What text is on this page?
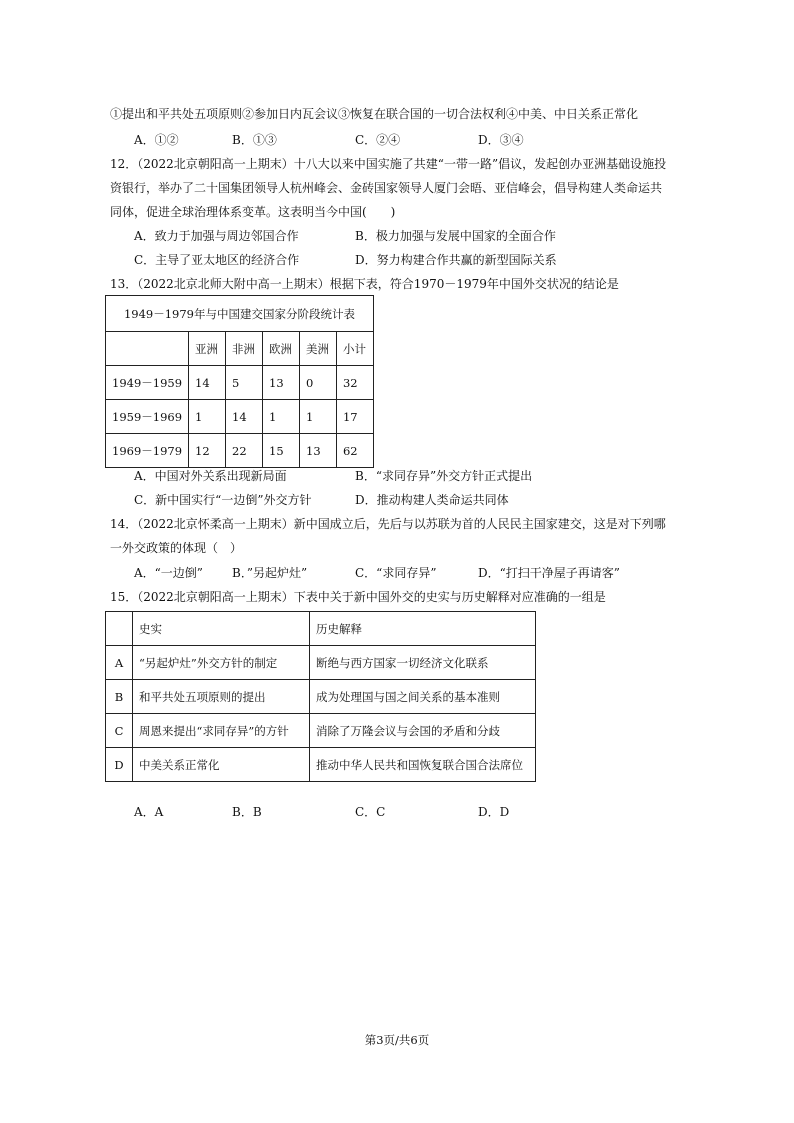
①提出和平共处五项原则②参加日内瓦会议③恢复在联合国的一切合法权利④中美、中日关系正常化
A．①②	B．①③	C．②④	D．③④
12．（2022北京朝阳高一上期末）十八大以来中国实施了共建“一带一路”倡议，发起创办亚洲基础设施投
资银行，举办了二十国集团领导人杭州峰会、金砖国家领导人厦门会晤、亚信峰会，倡导构建人类命运共
同体，促进全球治理体系变革。这表明当今中国(　　)
A．致力于加强与周边邻国合作	B．极力加强与发展中国家的全面合作
C．主导了亚太地区的经济合作	D．努力构建合作共赢的新型国际关系
13．（2022北京北师大附中高一上期末）根据下表，符合1970－1979年中国外交状况的结论是
1949－1979年与中国建交国家分阶段统计表					
	亚洲	非洲	欧洲	美洲	小计
1949－1959	14	5	13	0	32
1959－1969	1	14	1	1	17
1969－1979	12	22	15	13	62
A．中国对外关系出现新局面	B．“求同存异”外交方针正式提出
C．新中国实行“一边倒”外交方针	D．推动构建人类命运共同体
14．（2022北京怀柔高一上期末）新中国成立后，先后与以苏联为首的人民民主国家建交，这是对下列哪
一外交政策的体现（　）
A．“一边倒” B．”另起炉灶”	C．“求同存异”	D．“打扫干净屋子再请客”
15．（2022北京朝阳高一上期末）下表中关于新中国外交的史实与历史解释对应准确的一组是
	史实	历史解释
A	“另起炉灶”外交方针的制定	断绝与西方国家一切经济文化联系
B	和平共处五项原则的提出	成为处理国与国之间关系的基本准则
C	周恩来提出“求同存异”的方针	消除了万隆会议与会国的矛盾和分歧
D	中美关系正常化	推动中华人民共和国恢复联合国合法席位
A．A	B．B	C．C	D．D
第3页/共6页
